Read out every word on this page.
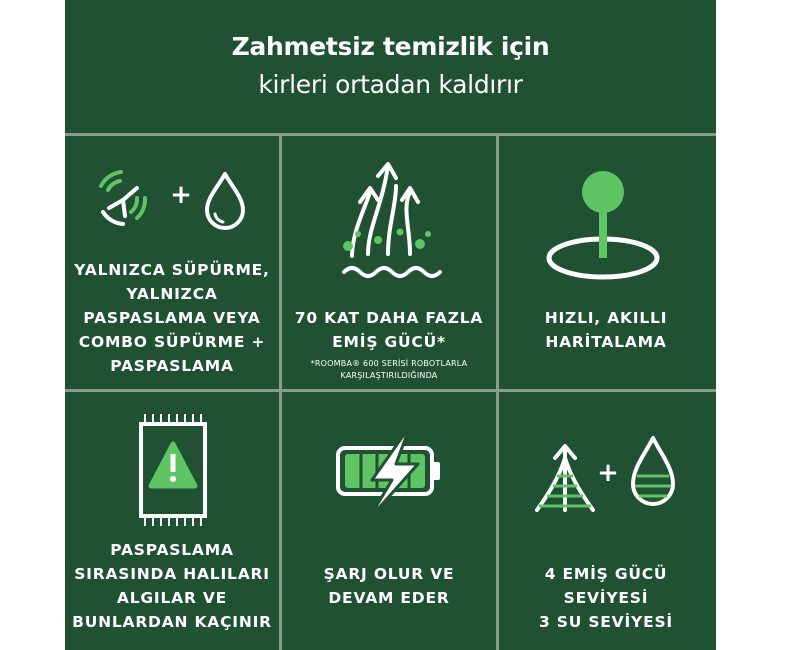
Zahmetsiz temizlik için
kirleri ortadan kaldırır
+
YALNIZCA SÜPÜRME,
YALNIZCA
PASPASLAMA VEYA
COMBO SÜPÜRME +
PASPASLAMA
70 KAT DAHA FAZLA
EMİŞ GÜCÜ*
*ROOMBA® 600 SERİSİ ROBOTLARLA
KARŞILAŞTIRILDIĞINDA
HIZLI, AKILLI
HARİTALAMA
PASPASLAMA
SIRASINDA HALILARI
ALGILAR VE
BUNLARDAN KAÇINIR
ŞARJ OLUR VE
DEVAM EDER
+
4 EMİŞ GÜCÜ
SEVİYESİ
3 SU SEVİYESİ
